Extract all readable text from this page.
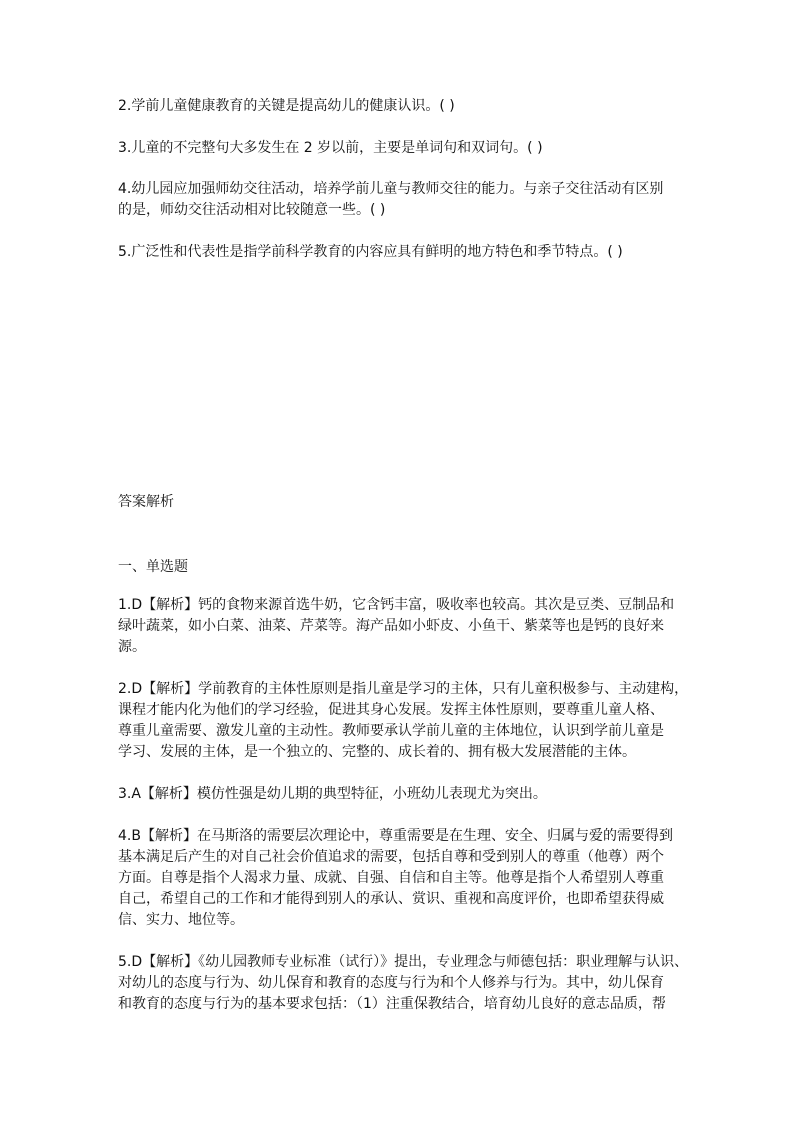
2.学前儿童健康教育的关键是提高幼儿的健康认识。( )
3.儿童的不完整句大多发生在 2 岁以前，主要是单词句和双词句。( )
4.幼儿园应加强师幼交往活动，培养学前儿童与教师交往的能力。与亲子交往活动有区别
的是，师幼交往活动相对比较随意一些。( )
5.广泛性和代表性是指学前科学教育的内容应具有鲜明的地方特色和季节特点。( )
答案解析
一、单选题
1.D【解析】钙的食物来源首选牛奶，它含钙丰富，吸收率也较高。其次是豆类、豆制品和
绿叶蔬菜，如小白菜、油菜、芹菜等。海产品如小虾皮、小鱼干、紫菜等也是钙的良好来
源。
2.D【解析】学前教育的主体性原则是指儿童是学习的主体，只有儿童积极参与、主动建构，
课程才能内化为他们的学习经验，促进其身心发展。发挥主体性原则，要尊重儿童人格、
尊重儿童需要、激发儿童的主动性。教师要承认学前儿童的主体地位，认识到学前儿童是
学习、发展的主体，是一个独立的、完整的、成长着的、拥有极大发展潜能的主体。
3.A【解析】模仿性强是幼儿期的典型特征，小班幼儿表现尤为突出。
4.B【解析】在马斯洛的需要层次理论中，尊重需要是在生理、安全、归属与爱的需要得到
基本满足后产生的对自己社会价值追求的需要，包括自尊和受到别人的尊重（他尊）两个
方面。自尊是指个人渴求力量、成就、自强、自信和自主等。他尊是指个人希望别人尊重
自己，希望自己的工作和才能得到别人的承认、赏识、重视和高度评价，也即希望获得威
信、实力、地位等。
5.D【解析】《幼儿园教师专业标准（试行）》提出，专业理念与师德包括：职业理解与认识、
对幼儿的态度与行为、幼儿保育和教育的态度与行为和个人修养与行为。其中，幼儿保育
和教育的态度与行为的基本要求包括：（1）注重保教结合，培育幼儿良好的意志品质，帮
